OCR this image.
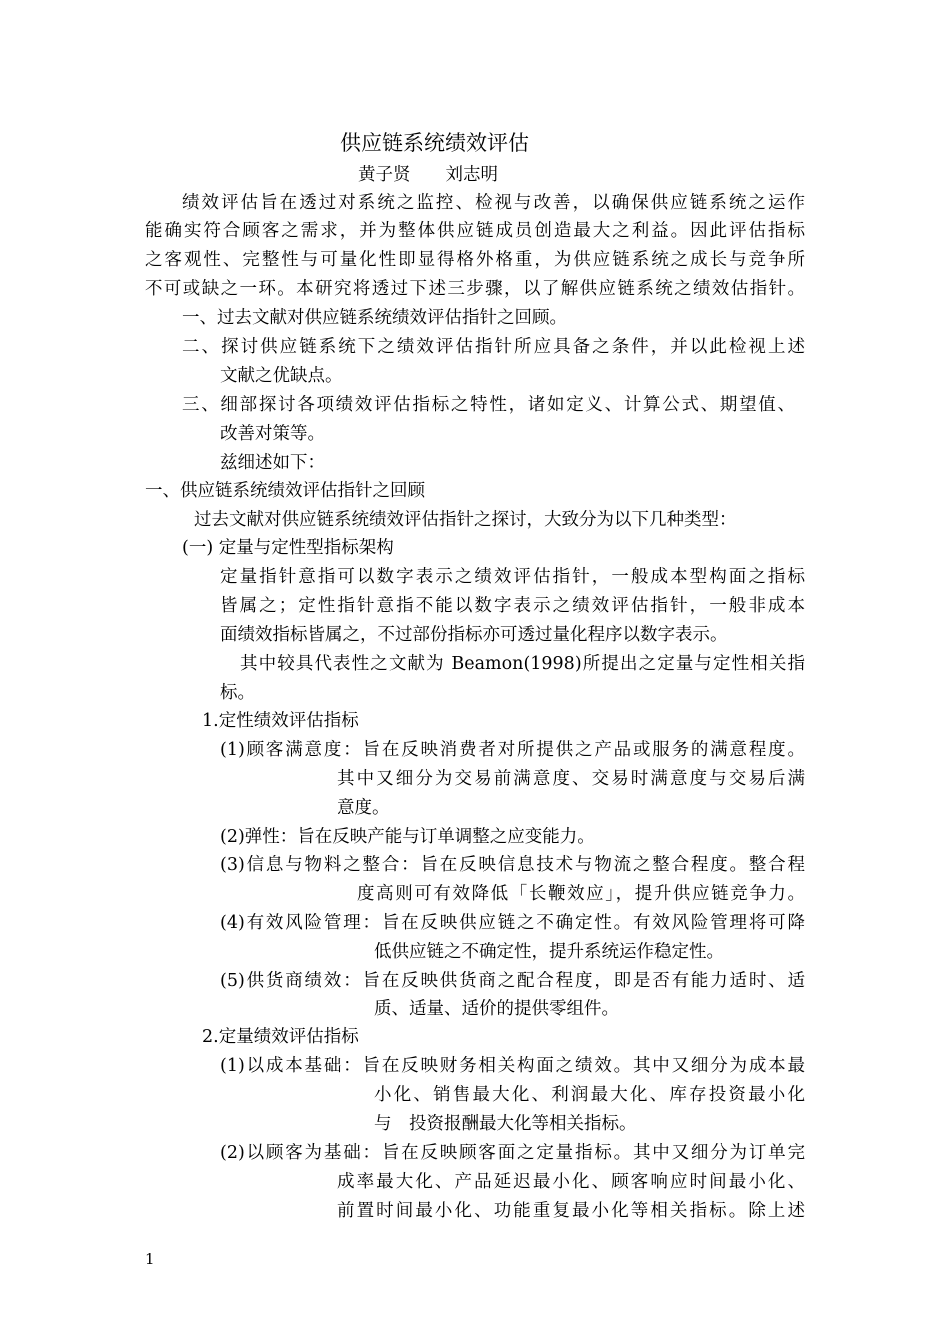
供应链系统绩效评估
黄子贤　　刘志明
绩效评估旨在透过对系统之监控、检视与改善，以确保供应链系统之运作
能确实符合顾客之需求，并为整体供应链成员创造最大之利益。因此评估指标
之客观性、完整性与可量化性即显得格外格重，为供应链系统之成长与竞争所
不可或缺之一环。本研究将透过下述三步骤，以了解供应链系统之绩效估指针。
一、过去文献对供应链系统绩效评估指针之回顾。
二、探讨供应链系统下之绩效评估指针所应具备之条件，并以此检视上述
文献之优缺点。
三、细部探讨各项绩效评估指标之特性，诸如定义、计算公式、期望值、
改善对策等。
兹细述如下：
一、供应链系统绩效评估指针之回顾
过去文献对供应链系统绩效评估指针之探讨，大致分为以下几种类型：
(一) 定量与定性型指标架构
定量指针意指可以数字表示之绩效评估指针，一般成本型构面之指标
皆属之；定性指针意指不能以数字表示之绩效评估指针，一般非成本
面绩效指标皆属之，不过部份指标亦可透过量化程序以数字表示。
其中较具代表性之文献为 Beamon(1998)所提出之定量与定性相关指
标。
1.定性绩效评估指标
(1)顾客满意度：旨在反映消费者对所提供之产品或服务的满意程度。
其中又细分为交易前满意度、交易时满意度与交易后满
意度。
(2)弹性：旨在反映产能与订单调整之应变能力。
(3)信息与物料之整合：旨在反映信息技术与物流之整合程度。整合程
度高则可有效降低「长鞭效应」，提升供应链竞争力。
(4)有效风险管理：旨在反映供应链之不确定性。有效风险管理将可降
低供应链之不确定性，提升系统运作稳定性。
(5)供货商绩效：旨在反映供货商之配合程度，即是否有能力适时、适
质、适量、适价的提供零组件。
2.定量绩效评估指标
(1)以成本基础：旨在反映财务相关构面之绩效。其中又细分为成本最
小化、销售最大化、利润最大化、库存投资最小化
与　投资报酬最大化等相关指标。
(2)以顾客为基础：旨在反映顾客面之定量指标。其中又细分为订单完
成率最大化、产品延迟最小化、顾客响应时间最小化、
前置时间最小化、功能重复最小化等相关指标。除上述
1
